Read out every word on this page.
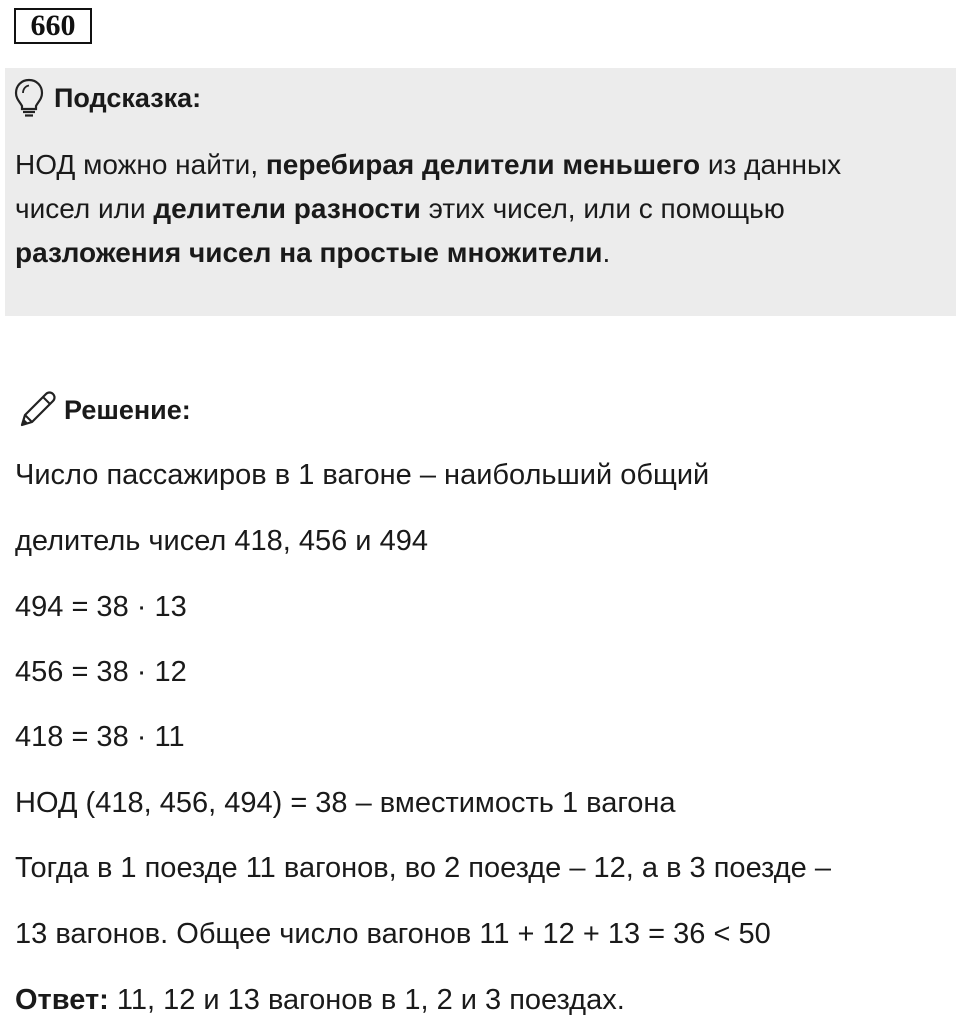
660
Подсказка:
НОД можно найти, перебирая делители меньшего из данных чисел или делители разности этих чисел, или с помощью разложения чисел на простые множители.
Решение:
Число пассажиров в 1 вагоне – наибольший общий
делитель чисел 418, 456 и 494
494 = 38 · 13
456 = 38 · 12
418 = 38 · 11
НОД (418, 456, 494) = 38 – вместимость 1 вагона
Тогда в 1 поезде 11 вагонов, во 2 поезде – 12, а в 3 поезде –
13 вагонов. Общее число вагонов 11 + 12 + 13 = 36 < 50
Ответ: 11, 12 и 13 вагонов в 1, 2 и 3 поездах.
